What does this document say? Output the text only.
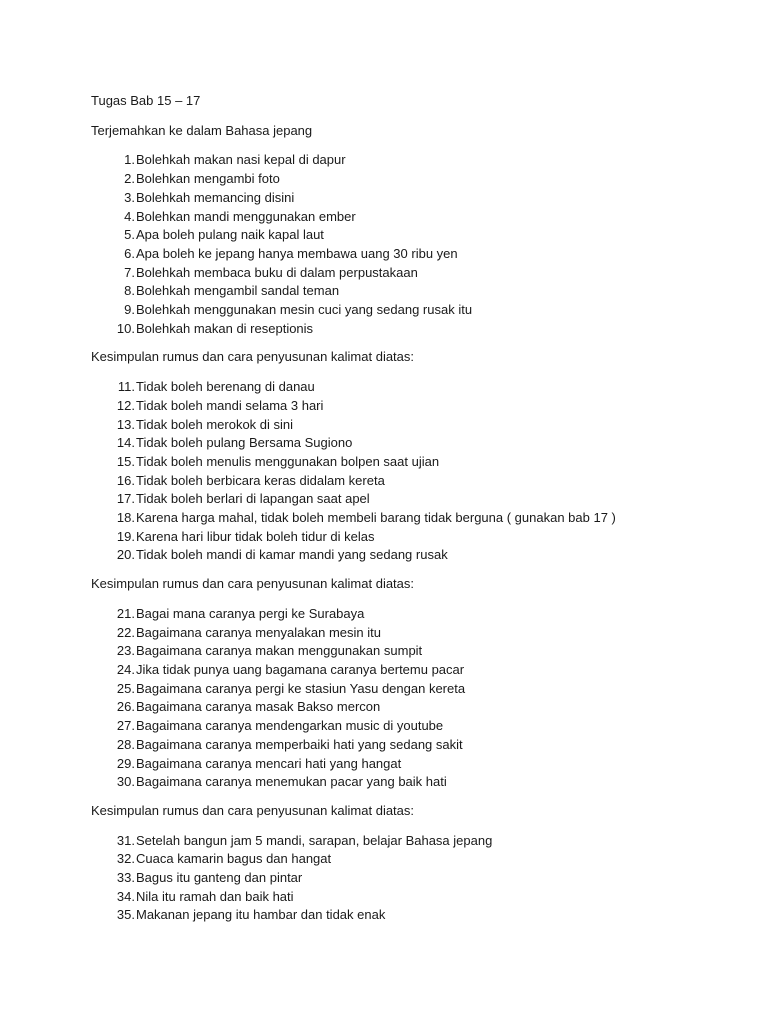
Tugas Bab 15 – 17
Terjemahkan ke dalam Bahasa jepang
1. Bolehkah makan nasi kepal di dapur
2. Bolehkan mengambi foto
3. Bolehkah memancing disini
4. Bolehkan mandi menggunakan ember
5. Apa boleh pulang naik kapal laut
6. Apa boleh ke jepang hanya membawa uang 30 ribu yen
7. Bolehkah membaca buku di dalam perpustakaan
8. Bolehkah mengambil sandal teman
9. Bolehkah menggunakan mesin cuci yang sedang rusak itu
10. Bolehkah makan di reseptionis
Kesimpulan rumus dan cara penyusunan kalimat diatas:
11. Tidak boleh berenang di danau
12. Tidak boleh mandi selama 3 hari
13. Tidak boleh merokok di sini
14. Tidak boleh pulang Bersama Sugiono
15. Tidak boleh menulis menggunakan bolpen saat ujian
16. Tidak boleh berbicara keras didalam kereta
17. Tidak boleh berlari di lapangan saat apel
18. Karena harga mahal, tidak boleh membeli barang tidak berguna ( gunakan bab 17 )
19. Karena hari libur tidak boleh tidur di kelas
20. Tidak boleh mandi di kamar mandi yang sedang rusak
Kesimpulan rumus dan cara penyusunan kalimat diatas:
21. Bagai mana caranya pergi ke Surabaya
22. Bagaimana caranya menyalakan mesin itu
23. Bagaimana caranya makan menggunakan sumpit
24. Jika tidak punya uang bagamana caranya bertemu pacar
25. Bagaimana caranya pergi ke stasiun Yasu dengan kereta
26. Bagaimana caranya masak Bakso mercon
27. Bagaimana caranya mendengarkan music di youtube
28. Bagaimana caranya memperbaiki hati yang sedang sakit
29. Bagaimana caranya mencari hati yang hangat
30. Bagaimana caranya menemukan pacar yang baik hati
Kesimpulan rumus dan cara penyusunan kalimat diatas:
31. Setelah bangun jam 5 mandi, sarapan, belajar Bahasa jepang
32. Cuaca kamarin bagus dan hangat
33. Bagus itu ganteng dan pintar
34. Nila itu ramah dan baik hati
35. Makanan jepang itu hambar dan tidak enak
